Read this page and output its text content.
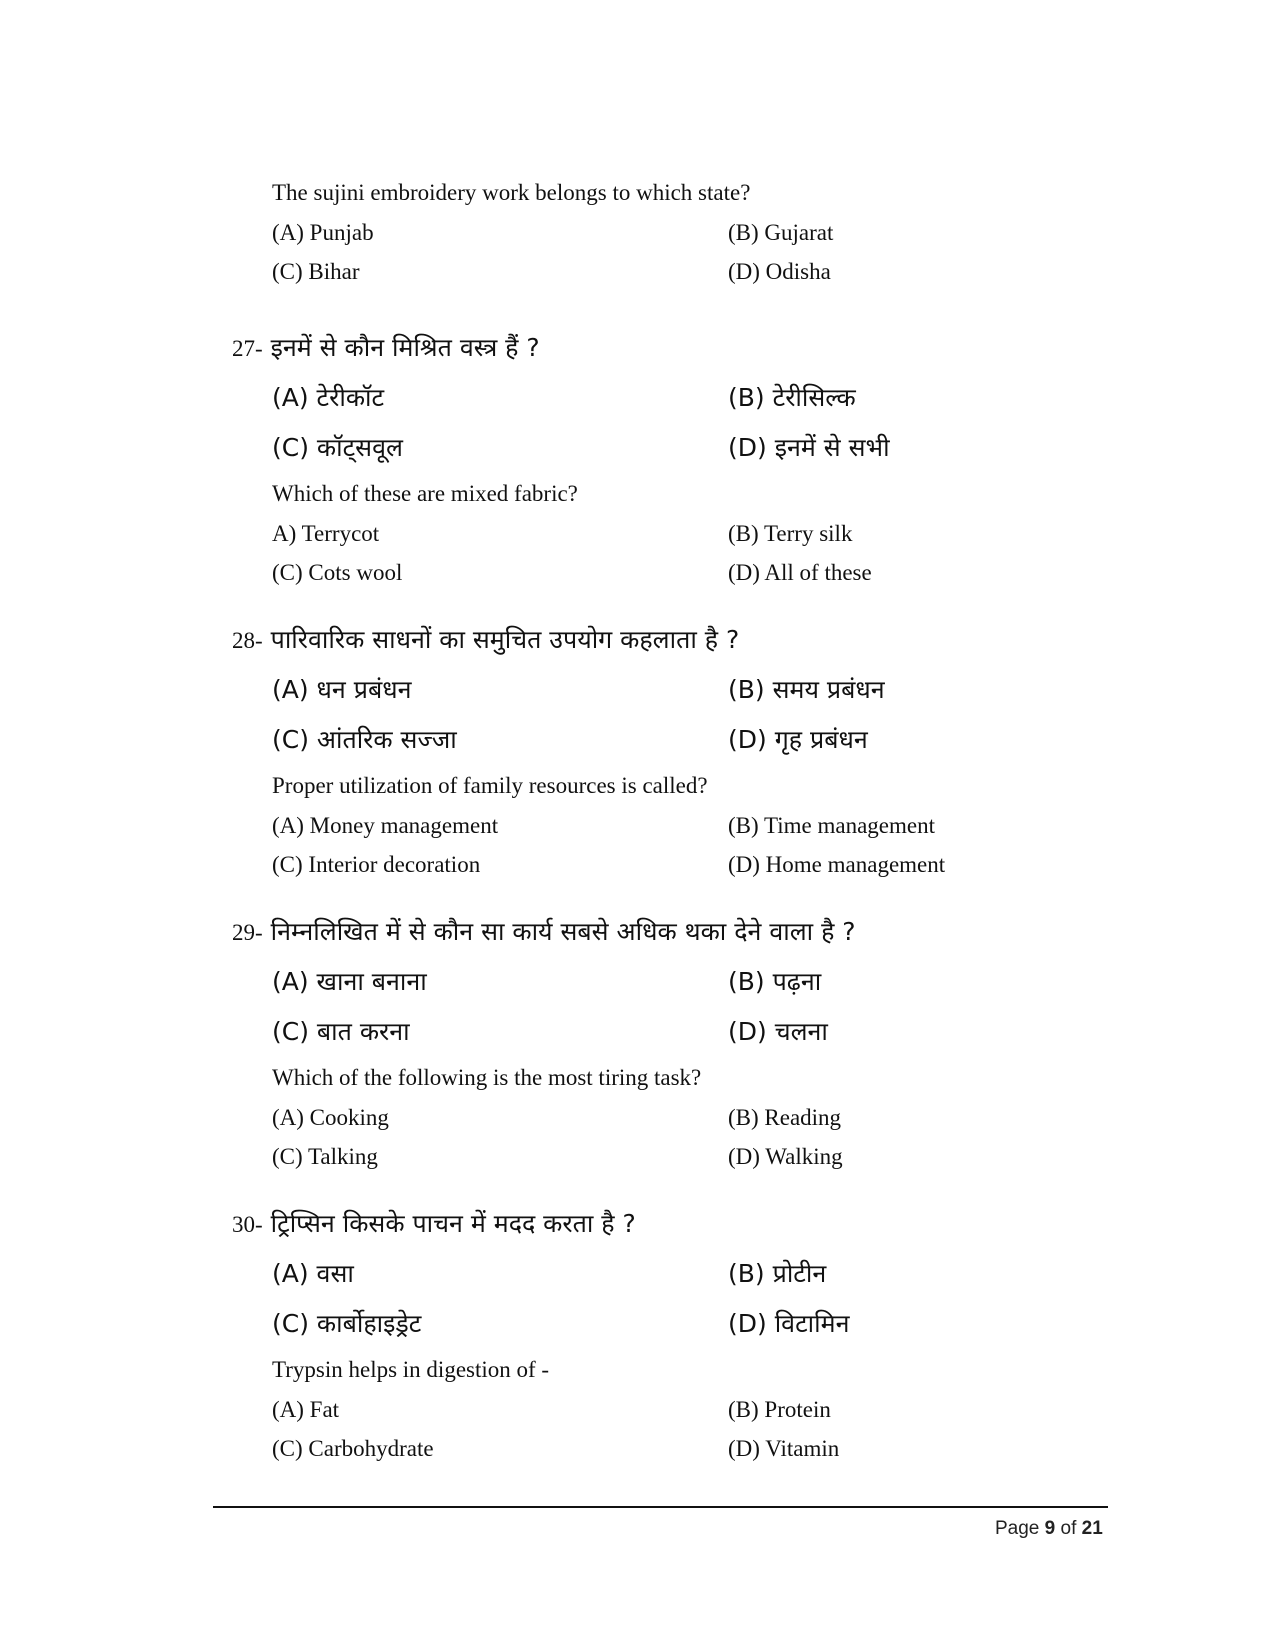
The sujini embroidery work belongs to which state?
(A) Punjab	(B) Gujarat
(C) Bihar	(D) Odisha
27- इनमें से कौन मिश्रित वस्त्र हैं ?
(A) टेरीकॉट	(B) टेरीसिल्क
(C) कॉट्सवूल	(D) इनमें से सभी
Which of these are mixed fabric?
A) Terrycot	(B) Terry silk
(C) Cots wool	(D) All of these
28- पारिवारिक साधनों का समुचित उपयोग कहलाता है ?
(A) धन प्रबंधन	(B) समय प्रबंधन
(C) आंतरिक सज्जा	(D) गृह प्रबंधन
Proper utilization of family resources is called?
(A) Money management	(B) Time management
(C) Interior decoration	(D) Home management
29- निम्नलिखित में से कौन सा कार्य सबसे अधिक थका देने वाला है ?
(A) खाना बनाना	(B) पढ़ना
(C) बात करना	(D) चलना
Which of the following is the most tiring task?
(A) Cooking	(B) Reading
(C) Talking	(D) Walking
30- ट्रिप्सिन किसके पाचन में मदद करता है ?
(A) वसा	(B) प्रोटीन
(C) कार्बोहाइड्रेट	(D) विटामिन
Trypsin helps in digestion of -
(A) Fat	(B) Protein
(C) Carbohydrate	(D) Vitamin
Page 9 of 21
